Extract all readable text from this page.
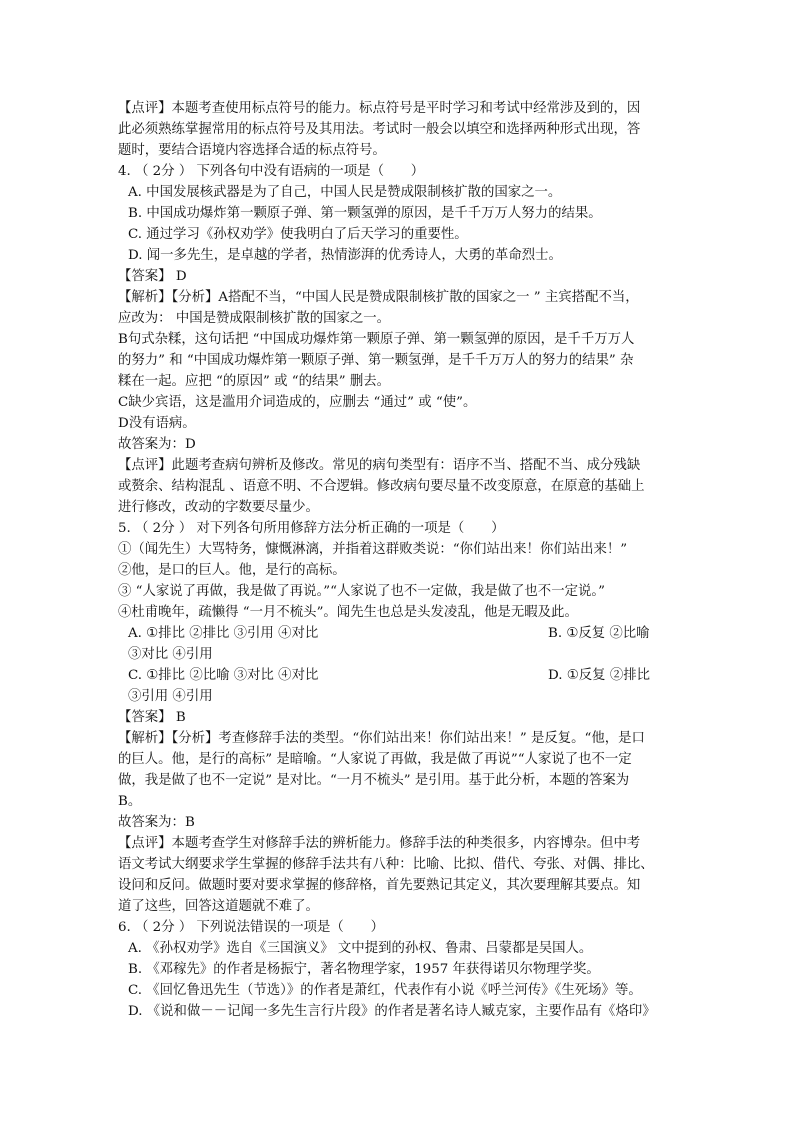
【点评】本题考查使用标点符号的能力。标点符号是平时学习和考试中经常涉及到的，因
此必须熟练掌握常用的标点符号及其用法。考试时一般会以填空和选择两种形式出现，答
题时，要结合语境内容选择合适的标点符号。
4. （ 2分 ） 下列各句中没有语病的一项是（　　）
A. 中国发展核武器是为了自己，中国人民是赞成限制核扩散的国家之一。
B. 中国成功爆炸第一颗原子弹、第一颗氢弹的原因，是千千万万人努力的结果。
C. 通过学习《孙权劝学》使我明白了后天学习的重要性。
D. 闻一多先生，是卓越的学者，热情澎湃的优秀诗人，大勇的革命烈士。
【答案】 D
【解析】【分析】A搭配不当，“中国人民是赞成限制核扩散的国家之一 ” 主宾搭配不当，
应改为： 中国是赞成限制核扩散的国家之一。
B句式杂糅，这句话把 “中国成功爆炸第一颗原子弹、第一颗氢弹的原因，是千千万万人
的努力” 和 “中国成功爆炸第一颗原子弹、第一颗氢弹，是千千万万人的努力的结果” 杂
糅在一起。应把 “的原因” 或 “的结果” 删去。
C缺少宾语，这是滥用介词造成的，应删去 “通过” 或 “使”。
D没有语病。
故答案为：D
【点评】此题考查病句辨析及修改。常见的病句类型有：语序不当、搭配不当、成分残缺
或赘余、结构混乱 、语意不明、不合逻辑。修改病句要尽量不改变原意，在原意的基础上
进行修改，改动的字数要尽量少。
5. （ 2分 ） 对下列各句所用修辞方法分析正确的一项是（　　）
①（闻先生）大骂特务，慷慨淋漓，并指着这群败类说：“你们站出来！你们站出来！”
②他，是口的巨人。他，是行的高标。
③ “人家说了再做，我是做了再说。”“人家说了也不一定做，我是做了也不一定说。”
④杜甫晚年，疏懒得 “一月不梳头”。闻先生也总是头发凌乱，他是无暇及此。
A. ①排比 ②排比 ③引用 ④对比	B. ①反复 ②比喻
③对比 ④引用
C. ①排比 ②比喻 ③对比 ④对比	D. ①反复 ②排比
③引用 ④引用
【答案】 B
【解析】【分析】考查修辞手法的类型。“你们站出来！你们站出来！” 是反复。“他，是口
的巨人。他，是行的高标” 是暗喻。“人家说了再做，我是做了再说”“人家说了也不一定
做，我是做了也不一定说” 是对比。“一月不梳头” 是引用。基于此分析，本题的答案为
B。
故答案为：B
【点评】本题考查学生对修辞手法的辨析能力。修辞手法的种类很多，内容博杂。但中考
语文考试大纲要求学生掌握的修辞手法共有八种：比喻、比拟、借代、夸张、对偶、排比、
设问和反问。做题时要对要求掌握的修辞格，首先要熟记其定义，其次要理解其要点。知
道了这些，回答这道题就不难了。
6. （ 2分 ） 下列说法错误的一项是（　　）
A. 《孙权劝学》选自《三国演义》 文中提到的孙权、鲁肃、吕蒙都是吴国人。
B. 《邓稼先》的作者是杨振宁，著名物理学家，1957 年获得诺贝尔物理学奖。
C. 《回忆鲁迅先生（节选）》的作者是萧红，代表作有小说《呼兰河传》《生死场》等。
D. 《说和做－－记闻一多先生言行片段》的作者是著名诗人臧克家，主要作品有《烙印》
